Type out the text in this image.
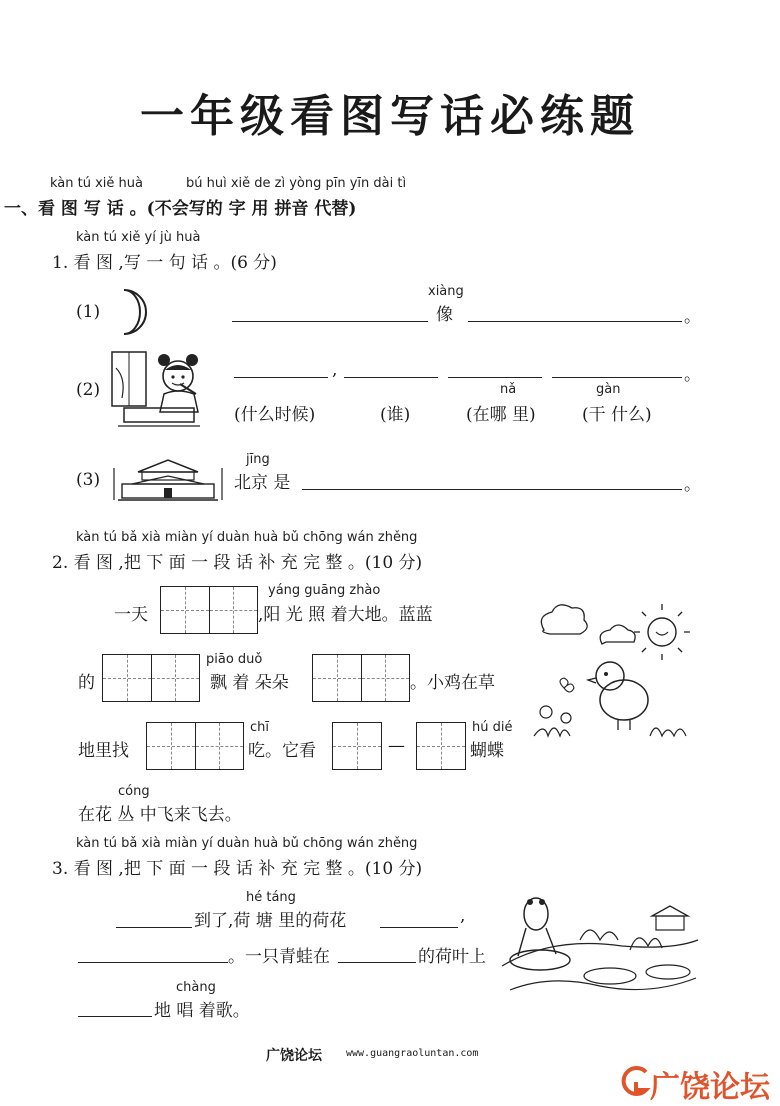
一年级看图写话必练题
kàn tú xiě huà	bú huì xiě de zì yòng pīn yīn dài tì
一、看 图 写 话 。(不会写的 字 用 拼音 代替)
kàn tú xiě yí jù huà
1. 看 图 ,写 一 句 话 。(6 分)
(1)
xiàng
像	。
(2)
,
nǎ	gàn
。
(什么时候)	(谁)	(在哪 里)	(干 什么)
(3)
jīng
北京 是	。
kàn tú bǎ xià miàn yí duàn huà bǔ chōng wán zhěng
2. 看 图 ,把 下 面 一 段 话 补 充 完 整 。(10 分)
一天
yáng guāng zhào
,阳 光 照 着大地。蓝蓝
的
piāo duǒ
飘 着 朵朵	。小鸡在草
地里找
chī
吃。它看	—
hú dié
蝴蝶
cóng
在花 丛 中飞来飞去。
kàn tú bǎ xià miàn yí duàn huà bǔ chōng wán zhěng
3. 看 图 ,把 下 面 一 段 话 补 充 完 整 。(10 分)
hé táng
到了,荷 塘 里的荷花	,
。一只青蛙在	的荷叶上
chàng
地 唱 着歌。
广饶论坛 www.guangraoluntan.com
广饶论坛
